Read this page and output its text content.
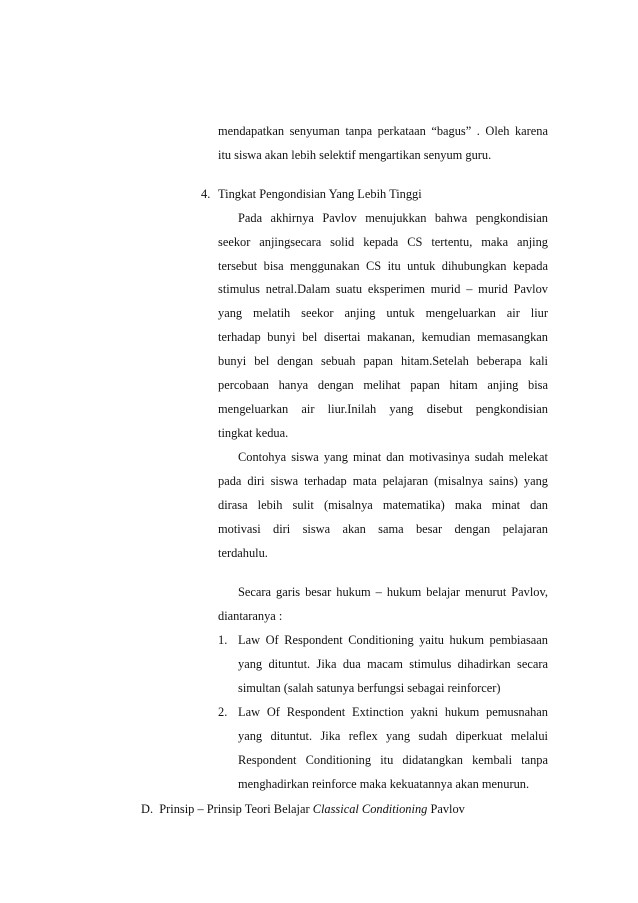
mendapatkan senyuman tanpa perkataan “bagus” . Oleh karena
itu siswa akan lebih selektif mengartikan senyum guru.
4. Tingkat Pengondisian Yang Lebih Tinggi
Pada akhirnya Pavlov menujukkan bahwa pengkondisian
seekor anjingsecara solid kepada CS tertentu, maka anjing
tersebut bisa menggunakan CS itu untuk dihubungkan kepada
stimulus netral.Dalam suatu eksperimen murid – murid Pavlov
yang melatih seekor anjing untuk mengeluarkan air liur
terhadap bunyi bel disertai makanan, kemudian memasangkan
bunyi bel dengan sebuah papan hitam.Setelah beberapa kali
percobaan hanya dengan melihat papan hitam anjing bisa
mengeluarkan air liur.Inilah yang disebut pengkondisian
tingkat kedua.
Contohya siswa yang minat dan motivasinya sudah melekat
pada diri siswa terhadap mata pelajaran (misalnya sains) yang
dirasa lebih sulit (misalnya matematika) maka minat dan
motivasi diri siswa akan sama besar dengan pelajaran
terdahulu.
Secara garis besar hukum – hukum belajar menurut Pavlov,
diantaranya :
1. Law Of Respondent Conditioning yaitu hukum pembiasaan
yang dituntut. Jika dua macam stimulus dihadirkan secara
simultan (salah satunya berfungsi sebagai reinforcer)
2. Law Of Respondent Extinction yakni hukum pemusnahan
yang dituntut. Jika reflex yang sudah diperkuat melalui
Respondent Conditioning itu didatangkan kembali tanpa
menghadirkan reinforce maka kekuatannya akan menurun.
D. Prinsip – Prinsip Teori Belajar Classical Conditioning Pavlov
